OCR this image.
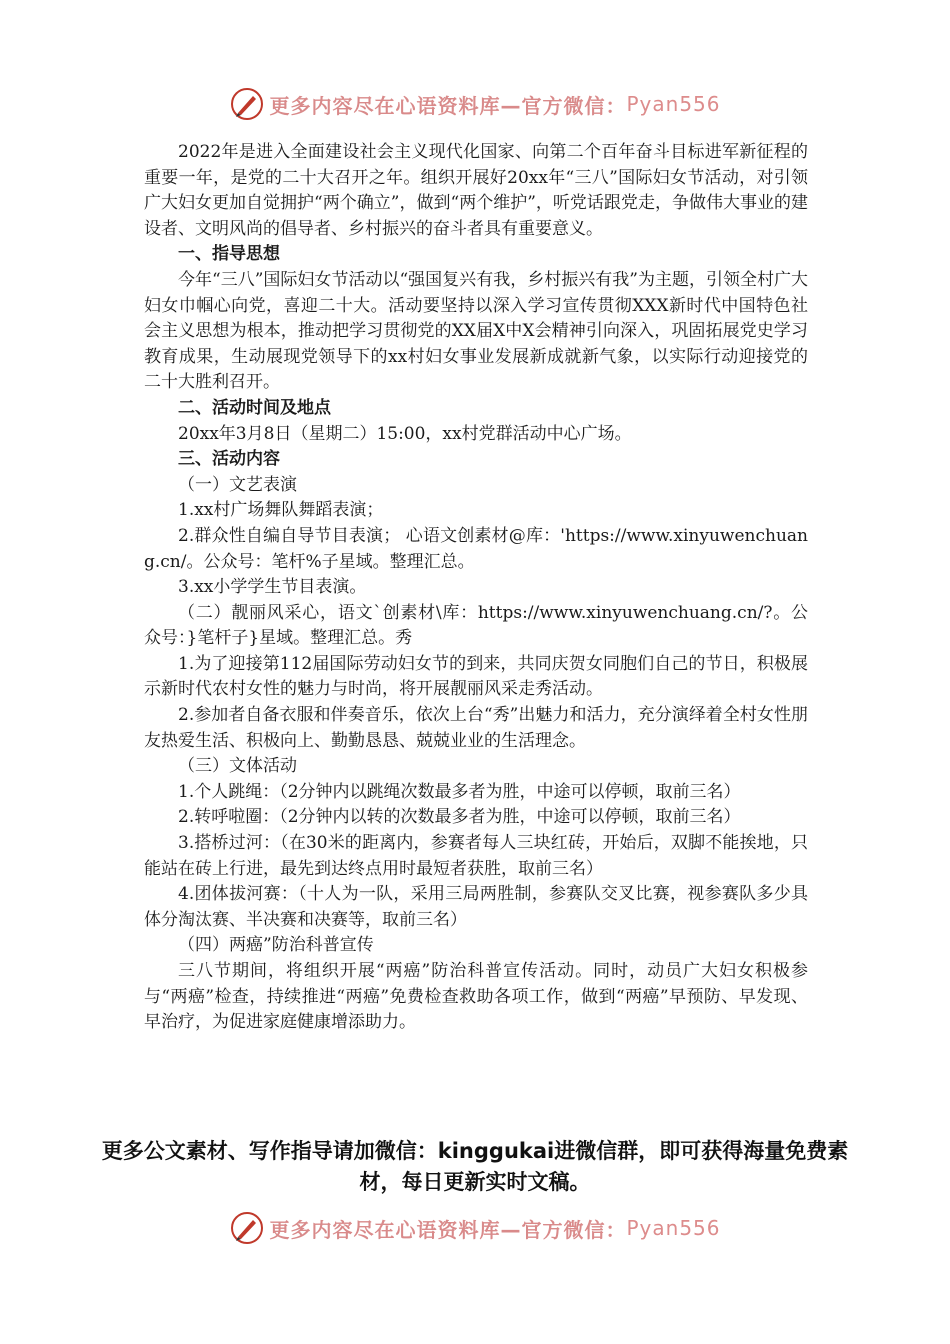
更多内容尽在心语资料库—官方微信： Pyan556

2022年是进入全面建设社会主义现代化国家、向第二个百年奋斗目标进军新征程的重要一年，是党的二十大召开之年。组织开展好20xx年“三八”国际妇女节活动，对引领广大妇女更加自觉拥护“两个确立”，做到“两个维护”，听党话跟党走，争做伟大事业的建设者、文明风尚的倡导者、乡村振兴的奋斗者具有重要意义。

一、指导思想

今年“三八”国际妇女节活动以“强国复兴有我，乡村振兴有我”为主题，引领全村广大妇女巾帼心向党，喜迎二十大。活动要坚持以深入学习宣传贯彻XXX新时代中国特色社会主义思想为根本，推动把学习贯彻党的XX届X中X会精神引向深入，巩固拓展党史学习教育成果，生动展现党领导下的xx村妇女事业发展新成就新气象，以实际行动迎接党的二十大胜利召开。

二、活动时间及地点

20xx年3月8日（星期二）15:00，xx村党群活动中心广场。

三、活动内容

（一）文艺表演

1.xx村广场舞队舞蹈表演；

2.群众性自编自导节目表演； 心语文创素材@库：'https://www.xinyuwenchuang.cn/。公众号：笔杆%子星域。整理汇总。

3.xx小学学生节目表演。

（二）靓丽风采心，语文`创素材\库：https://www.xinyuwenchuang.cn/?。公众号：}笔杆子}星域。整理汇总。秀

1.为了迎接第112届国际劳动妇女节的到来，共同庆贺女同胞们自己的节日，积极展示新时代农村女性的魅力与时尚，将开展靓丽风采走秀活动。

2.参加者自备衣服和伴奏音乐，依次上台“秀”出魅力和活力，充分演绎着全村女性朋友热爱生活、积极向上、勤勤恳恳、兢兢业业的生活理念。

（三）文体活动

1.个人跳绳：（2分钟内以跳绳次数最多者为胜，中途可以停顿，取前三名）

2.转呼啦圈：（2分钟内以转的次数最多者为胜，中途可以停顿，取前三名）

3.搭桥过河：（在30米的距离内，参赛者每人三块红砖，开始后，双脚不能挨地，只能站在砖上行进，最先到达终点用时最短者获胜，取前三名）

4.团体拔河赛：（十人为一队，采用三局两胜制，参赛队交叉比赛，视参赛队多少具体分淘汰赛、半决赛和决赛等，取前三名）

（四）两癌”防治科普宣传

三八节期间，将组织开展“两癌”防治科普宣传活动。同时，动员广大妇女积极参与“两癌”检查，持续推进“两癌”免费检查救助各项工作，做到“两癌”早预防、早发现、早治疗，为促进家庭健康增添助力。

更多公文素材、写作指导请加微信：kinggukai进微信群，即可获得海量免费素材，每日更新实时文稿。
更多内容尽在心语资料库—官方微信： Pyan556
